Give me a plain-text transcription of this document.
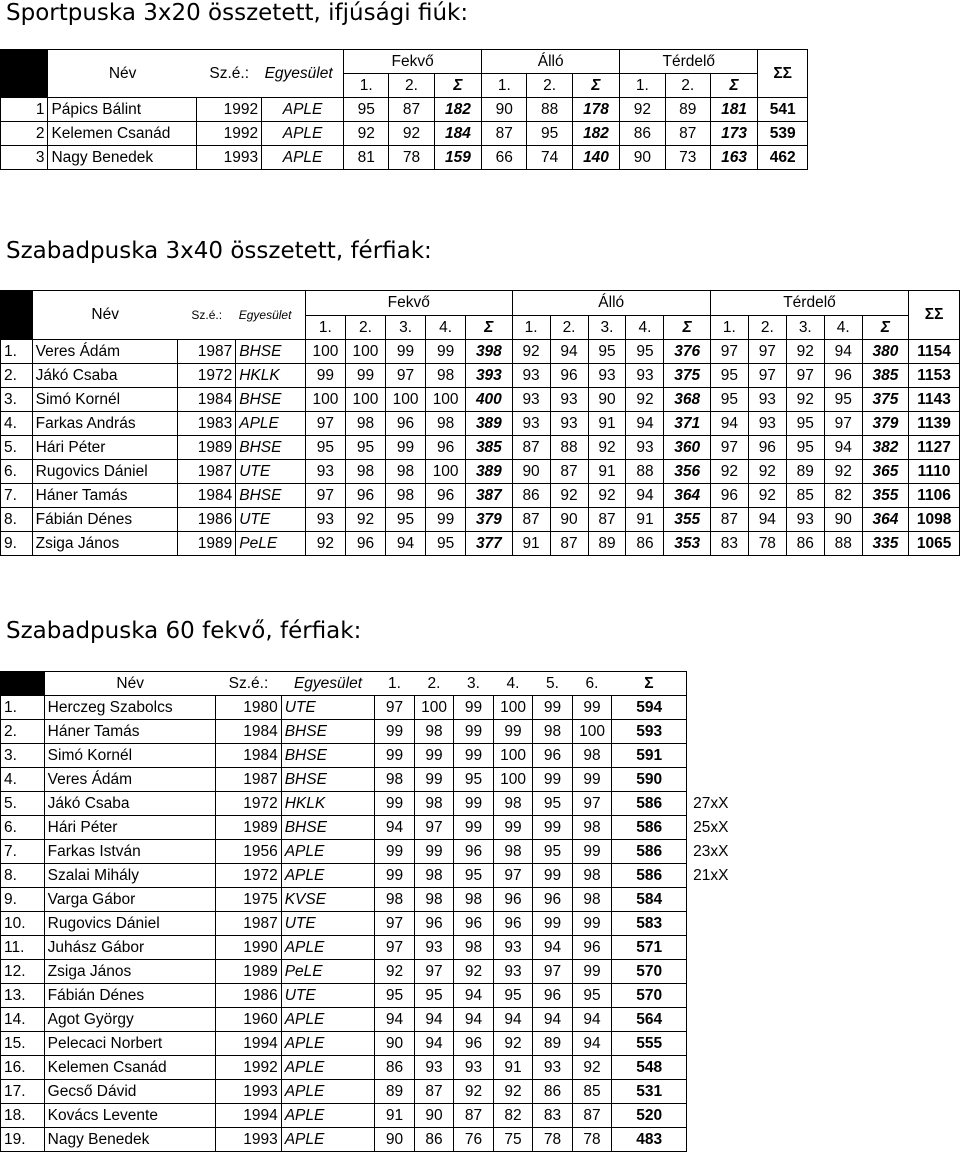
Sportpuska 3x20 összetett, ifjúsági fiúk:
	Név	Sz.é.:	Egyesület	Fekvő			Álló			Térdelő			ΣΣ
				1.	2.	Σ	1.	2.	Σ	1.	2.	Σ	
1	Pápics Bálint	1992	APLE	95	87	182	90	88	178	92	89	181	541
2	Kelemen Csanád	1992	APLE	92	92	184	87	95	182	86	87	173	539
3	Nagy Benedek	1993	APLE	81	78	159	66	74	140	90	73	163	462
Szabadpuska 3x40 összetett, férfiak:
	Név	Sz.é.:	Egyesület	Fekvő					Álló					Térdelő					ΣΣ
				1.	2.	3.	4.	Σ	1.	2.	3.	4.	Σ	1.	2.	3.	4.	Σ	
1.	Veres Ádám	1987	BHSE	100	100	99	99	398	92	94	95	95	376	97	97	92	94	380	1154
2.	Jákó Csaba	1972	HKLK	99	99	97	98	393	93	96	93	93	375	95	97	97	96	385	1153
3.	Simó Kornél	1984	BHSE	100	100	100	100	400	93	93	90	92	368	95	93	92	95	375	1143
4.	Farkas András	1983	APLE	97	98	96	98	389	93	93	91	94	371	94	93	95	97	379	1139
5.	Hári Péter	1989	BHSE	95	95	99	96	385	87	88	92	93	360	97	96	95	94	382	1127
6.	Rugovics Dániel	1987	UTE	93	98	98	100	389	90	87	91	88	356	92	92	89	92	365	1110
7.	Háner Tamás	1984	BHSE	97	96	98	96	387	86	92	92	94	364	96	92	85	82	355	1106
8.	Fábián Dénes	1986	UTE	93	92	95	99	379	87	90	87	91	355	87	94	93	90	364	1098
9.	Zsiga János	1989	PeLE	92	96	94	95	377	91	87	89	86	353	83	78	86	88	335	1065
Szabadpuska 60 fekvő, férfiak:
	Név	Sz.é.:	Egyesület	1.	2.	3.	4.	5.	6.	Σ	
1.	Herczeg Szabolcs	1980	UTE	97	100	99	100	99	99	594	
2.	Háner Tamás	1984	BHSE	99	98	99	99	98	100	593	
3.	Simó Kornél	1984	BHSE	99	99	99	100	96	98	591	
4.	Veres Ádám	1987	BHSE	98	99	95	100	99	99	590	
5.	Jákó Csaba	1972	HKLK	99	98	99	98	95	97	586	27xX
6.	Hári Péter	1989	BHSE	94	97	99	99	99	98	586	25xX
7.	Farkas István	1956	APLE	99	99	96	98	95	99	586	23xX
8.	Szalai Mihály	1972	APLE	99	98	95	97	99	98	586	21xX
9.	Varga Gábor	1975	KVSE	98	98	98	96	96	98	584	
10.	Rugovics Dániel	1987	UTE	97	96	96	96	99	99	583	
11.	Juhász Gábor	1990	APLE	97	93	98	93	94	96	571	
12.	Zsiga János	1989	PeLE	92	97	92	93	97	99	570	
13.	Fábián Dénes	1986	UTE	95	95	94	95	96	95	570	
14.	Agot György	1960	APLE	94	94	94	94	94	94	564	
15.	Pelecaci Norbert	1994	APLE	90	94	96	92	89	94	555	
16.	Kelemen Csanád	1992	APLE	86	93	93	91	93	92	548	
17.	Gecső Dávid	1993	APLE	89	87	92	92	86	85	531	
18.	Kovács Levente	1994	APLE	91	90	87	82	83	87	520	
19.	Nagy Benedek	1993	APLE	90	86	76	75	78	78	483	
